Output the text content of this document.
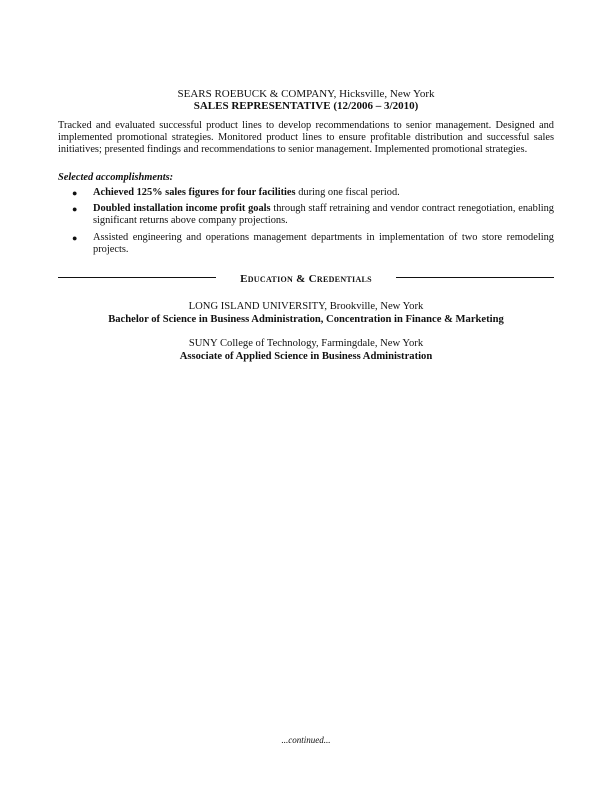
SEARS ROEBUCK & COMPANY, Hicksville, New York
SALES REPRESENTATIVE (12/2006 – 3/2010)
Tracked and evaluated successful product lines to develop recommendations to senior management. Designed and implemented promotional strategies. Monitored product lines to ensure profitable distribution and successful sales initiatives; presented findings and recommendations to senior management. Implemented promotional strategies.
Selected accomplishments:
● Achieved 125% sales figures for four facilities during one fiscal period.
● Doubled installation income profit goals through staff retraining and vendor contract renegotiation, enabling significant returns above company projections.
● Assisted engineering and operations management departments in implementation of two store remodeling projects.
Education & Credentials
LONG ISLAND UNIVERSITY, Brookville, New York
Bachelor of Science in Business Administration, Concentration in Finance & Marketing
SUNY College of Technology, Farmingdale, New York
Associate of Applied Science in Business Administration
...continued...
